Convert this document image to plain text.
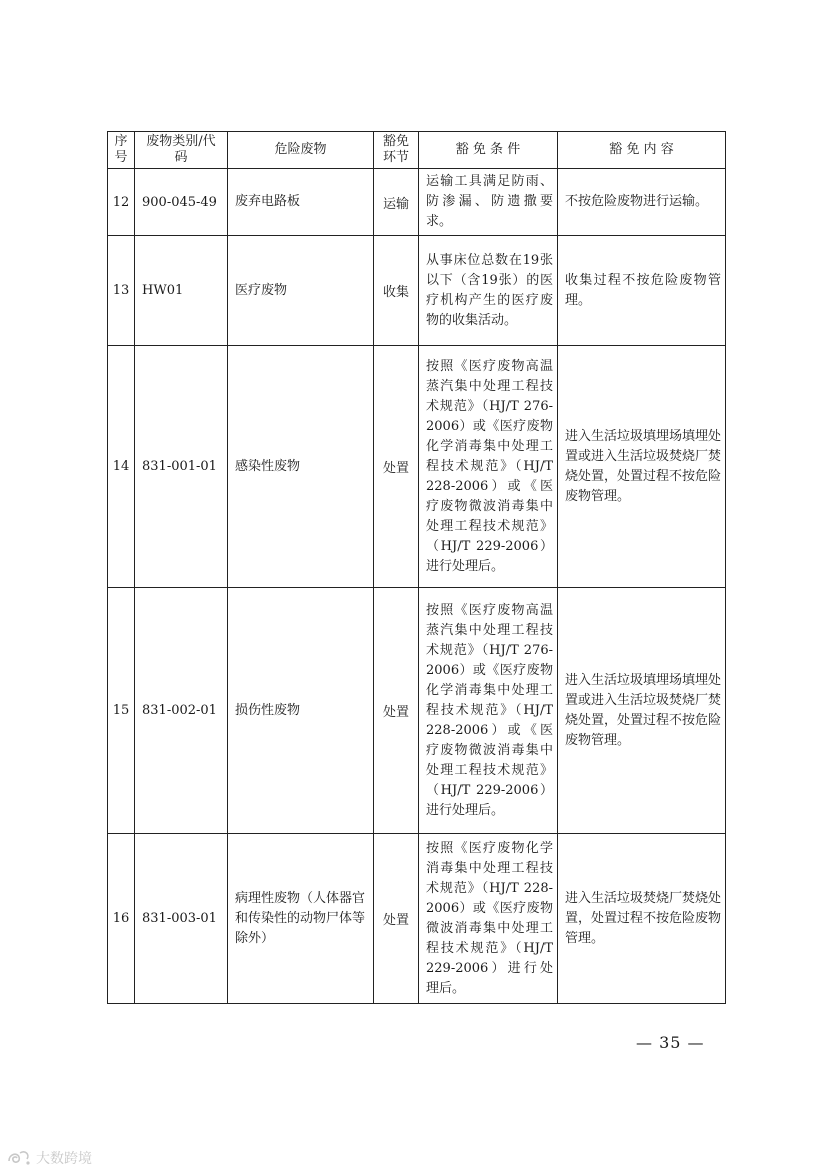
序号	废物类别/代码	危险废物	豁免环节	豁 免 条 件	豁 免 内 容
12	900-045-49	废弃电路板	运输	运输工具满足防雨、防渗漏、防遗撒要求。	不按危险废物进行运输。
13	HW01	医疗废物	收集	从事床位总数在19张以下（含19张）的医疗机构产生的医疗废物的收集活动。	收集过程不按危险废物管理。
14	831-001-01	感染性废物	处置	按照《医疗废物高温蒸汽集中处理工程技术规范》（HJ/T 276-2006）或《医疗废物化学消毒集中处理工程技术规范》（HJ/T 228-2006）或《医疗废物微波消毒集中处理工程技术规范》（HJ/T 229-2006）进行处理后。	进入生活垃圾填埋场填埋处置或进入生活垃圾焚烧厂焚烧处置，处置过程不按危险废物管理。
15	831-002-01	损伤性废物	处置	按照《医疗废物高温蒸汽集中处理工程技术规范》（HJ/T 276-2006）或《医疗废物化学消毒集中处理工程技术规范》（HJ/T 228-2006）或《医疗废物微波消毒集中处理工程技术规范》（HJ/T 229-2006）进行处理后。	进入生活垃圾填埋场填埋处置或进入生活垃圾焚烧厂焚烧处置，处置过程不按危险废物管理。
16	831-003-01	病理性废物（人体器官和传染性的动物尸体等除外）	处置	按照《医疗废物化学消毒集中处理工程技术规范》（HJ/T 228-2006）或《医疗废物微波消毒集中处理工程技术规范》（HJ/T 229-2006）进行处理后。	进入生活垃圾焚烧厂焚烧处置，处置过程不按危险废物管理。
— 35 —
大数跨境
